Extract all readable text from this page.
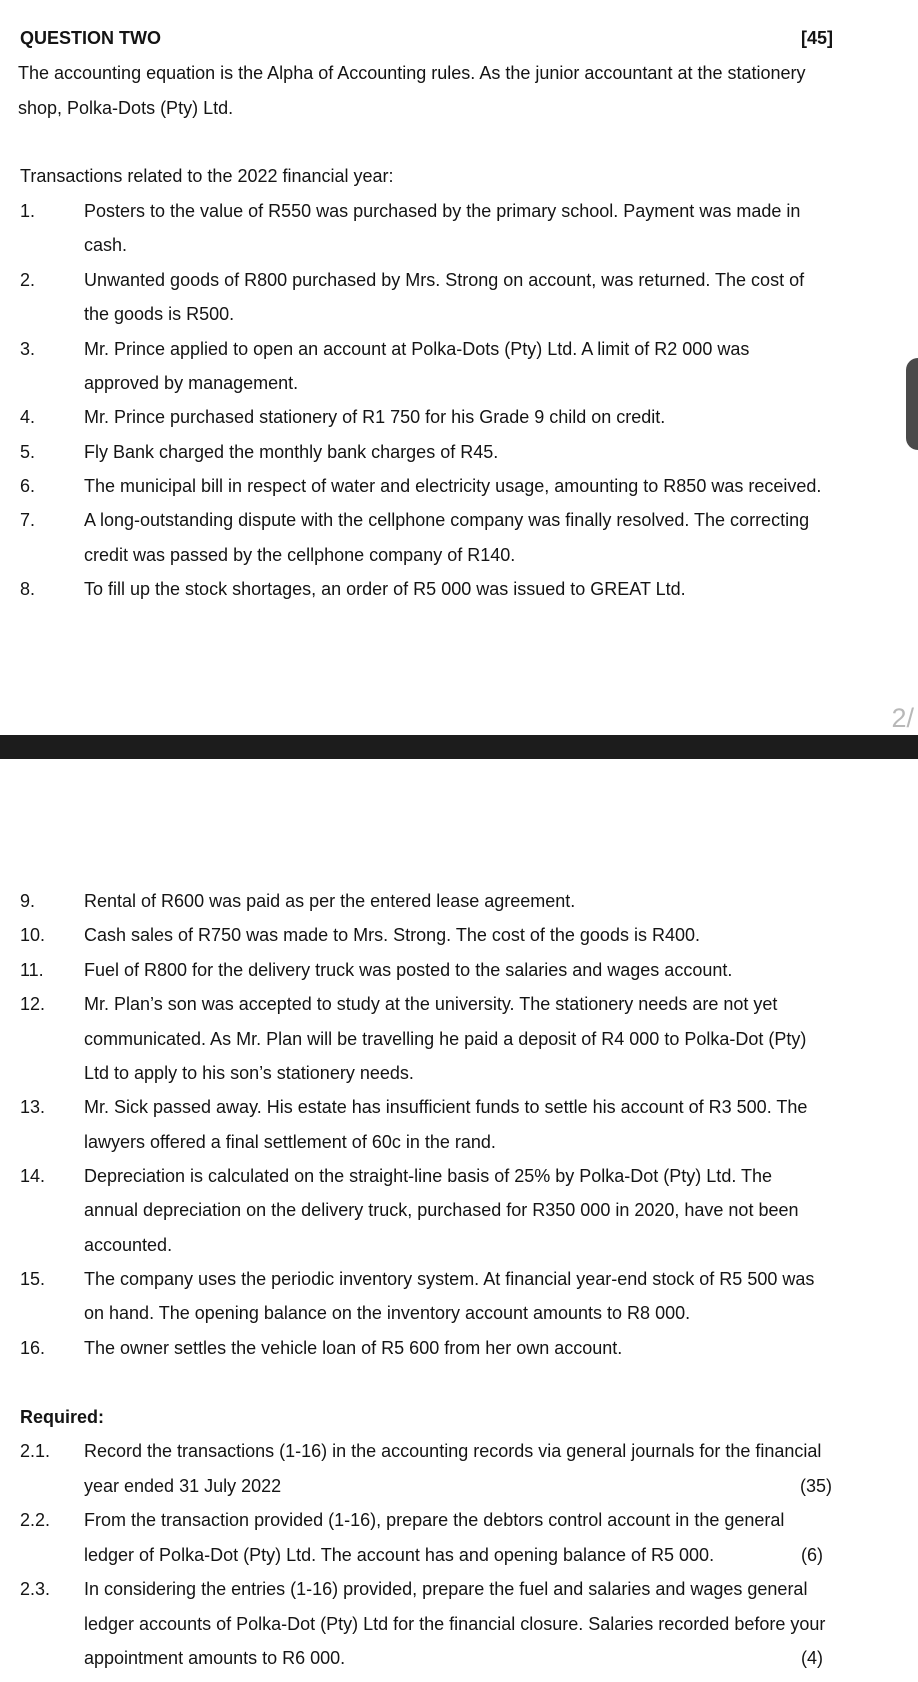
QUESTION TWO	[45]
The accounting equation is the Alpha of Accounting rules. As the junior accountant at the stationery
shop, Polka-Dots (Pty) Ltd.
Transactions related to the 2022 financial year:
1.	Posters to the value of R550 was purchased by the primary school. Payment was made in
cash.
2.	Unwanted goods of R800 purchased by Mrs. Strong on account, was returned. The cost of
the goods is R500.
3.	Mr. Prince applied to open an account at Polka-Dots (Pty) Ltd. A limit of R2 000 was
approved by management.
4.	Mr. Prince purchased stationery of R1 750 for his Grade 9 child on credit.
5.	Fly Bank charged the monthly bank charges of R45.
6.	The municipal bill in respect of water and electricity usage, amounting to R850 was received.
7.	A long-outstanding dispute with the cellphone company was finally resolved. The correcting
credit was passed by the cellphone company of R140.
8.	To fill up the stock shortages, an order of R5 000 was issued to GREAT Ltd.
2/
9.	Rental of R600 was paid as per the entered lease agreement.
10. Cash sales of R750 was made to Mrs. Strong. The cost of the goods is R400.
11. Fuel of R800 for the delivery truck was posted to the salaries and wages account.
12. Mr. Plan’s son was accepted to study at the university. The stationery needs are not yet
communicated. As Mr. Plan will be travelling he paid a deposit of R4 000 to Polka-Dot (Pty)
Ltd to apply to his son’s stationery needs.
13. Mr. Sick passed away. His estate has insufficient funds to settle his account of R3 500. The
lawyers offered a final settlement of 60c in the rand.
14. Depreciation is calculated on the straight-line basis of 25% by Polka-Dot (Pty) Ltd. The
annual depreciation on the delivery truck, purchased for R350 000 in 2020, have not been
accounted.
15. The company uses the periodic inventory system. At financial year-end stock of R5 500 was
on hand. The opening balance on the inventory account amounts to R8 000.
16. The owner settles the vehicle loan of R5 600 from her own account.
Required:
2.1. Record the transactions (1-16) in the accounting records via general journals for the financial
year ended 31 July 2022	(35)
2.2. From the transaction provided (1-16), prepare the debtors control account in the general
ledger of Polka-Dot (Pty) Ltd. The account has and opening balance of R5 000.	(6)
2.3. In considering the entries (1-16) provided, prepare the fuel and salaries and wages general
ledger accounts of Polka-Dot (Pty) Ltd for the financial closure. Salaries recorded before your
appointment amounts to R6 000.	(4)
